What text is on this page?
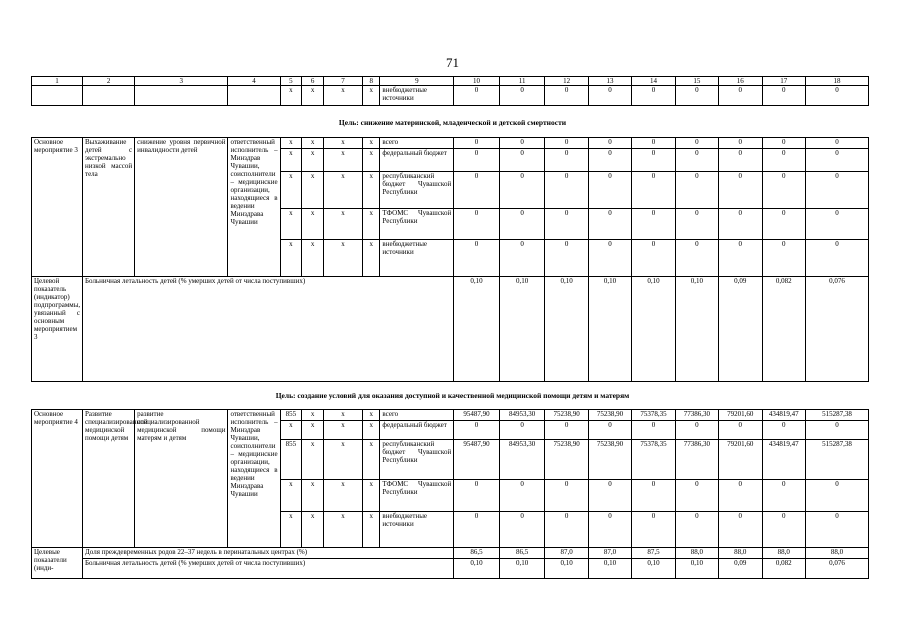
71
1	2	3	4	5	6	7	8	9	10	11	12	13	14	15	16	17	18
				x	x	x	x	внебюджетные источники	0	0	0	0	0	0	0	0	0
Цель: снижение материнской, младенческой и детской смертности
Основное мероприятие 3	Выхаживание детей с экстремально низкой массой тела	снижение уровня первичной инвалидности детей	ответственный исполнитель – Минздрав Чувашии, соисполнители – медицинские организации, находящиеся в ведении Минздрава Чувашии	x	x	x	x	всего	0	0	0	0	0	0	0	0	0
				x	x	x	x	федеральный бюджет	0	0	0	0	0	0	0	0	0
				x	x	x	x	республиканский бюджет Чувашской Республики	0	0	0	0	0	0	0	0	0
				x	x	x	x	ТФОМС Чувашской Республики	0	0	0	0	0	0	0	0	0
				x	x	x	x	внебюджетные источники	0	0	0	0	0	0	0	0	0
Целевой показатель (индикатор) подпрограммы, увязанный с основным мероприятием 3	Больничная летальность детей (% умерших детей от числа поступивших)								0,10	0,10	0,10	0,10	0,10	0,10	0,09	0,082	0,076
Цель: создание условий для оказания доступной и качественной медицинской помощи детям и матерям
Основное мероприятие 4	Развитие специализированной медицинской помощи детям	развитие специализированной медицинской помощи матерям и детям	ответственный исполнитель – Минздрав Чувашии, соисполнители – медицинские организации, находящиеся в ведении Минздрава Чувашии	855	x	x	x	всего	95487,90	84953,30	75238,90	75238,90	75378,35	77386,30	79201,60	434819,47	515287,38
				x	x	x	x	федеральный бюджет	0	0	0	0	0	0	0	0	0
				855	x	x	x	республиканский бюджет Чувашской Республики	95487,90	84953,30	75238,90	75238,90	75378,35	77386,30	79201,60	434819,47	515287,38
				x	x	x	x	ТФОМС Чувашской Республики	0	0	0	0	0	0	0	0	0
				x	x	x	x	внебюджетные источники	0	0	0	0	0	0	0	0	0
Целевые показатели (инди-	Доля преждевременных родов 22–37 недель в перинатальных центрах (%)								86,5	86,5	87,0	87,0	87,5	88,0	88,0	88,0	88,0
	Больничная летальность детей (% умерших детей от числа поступивших)								0,10	0,10	0,10	0,10	0,10	0,10	0,09	0,082	0,076
